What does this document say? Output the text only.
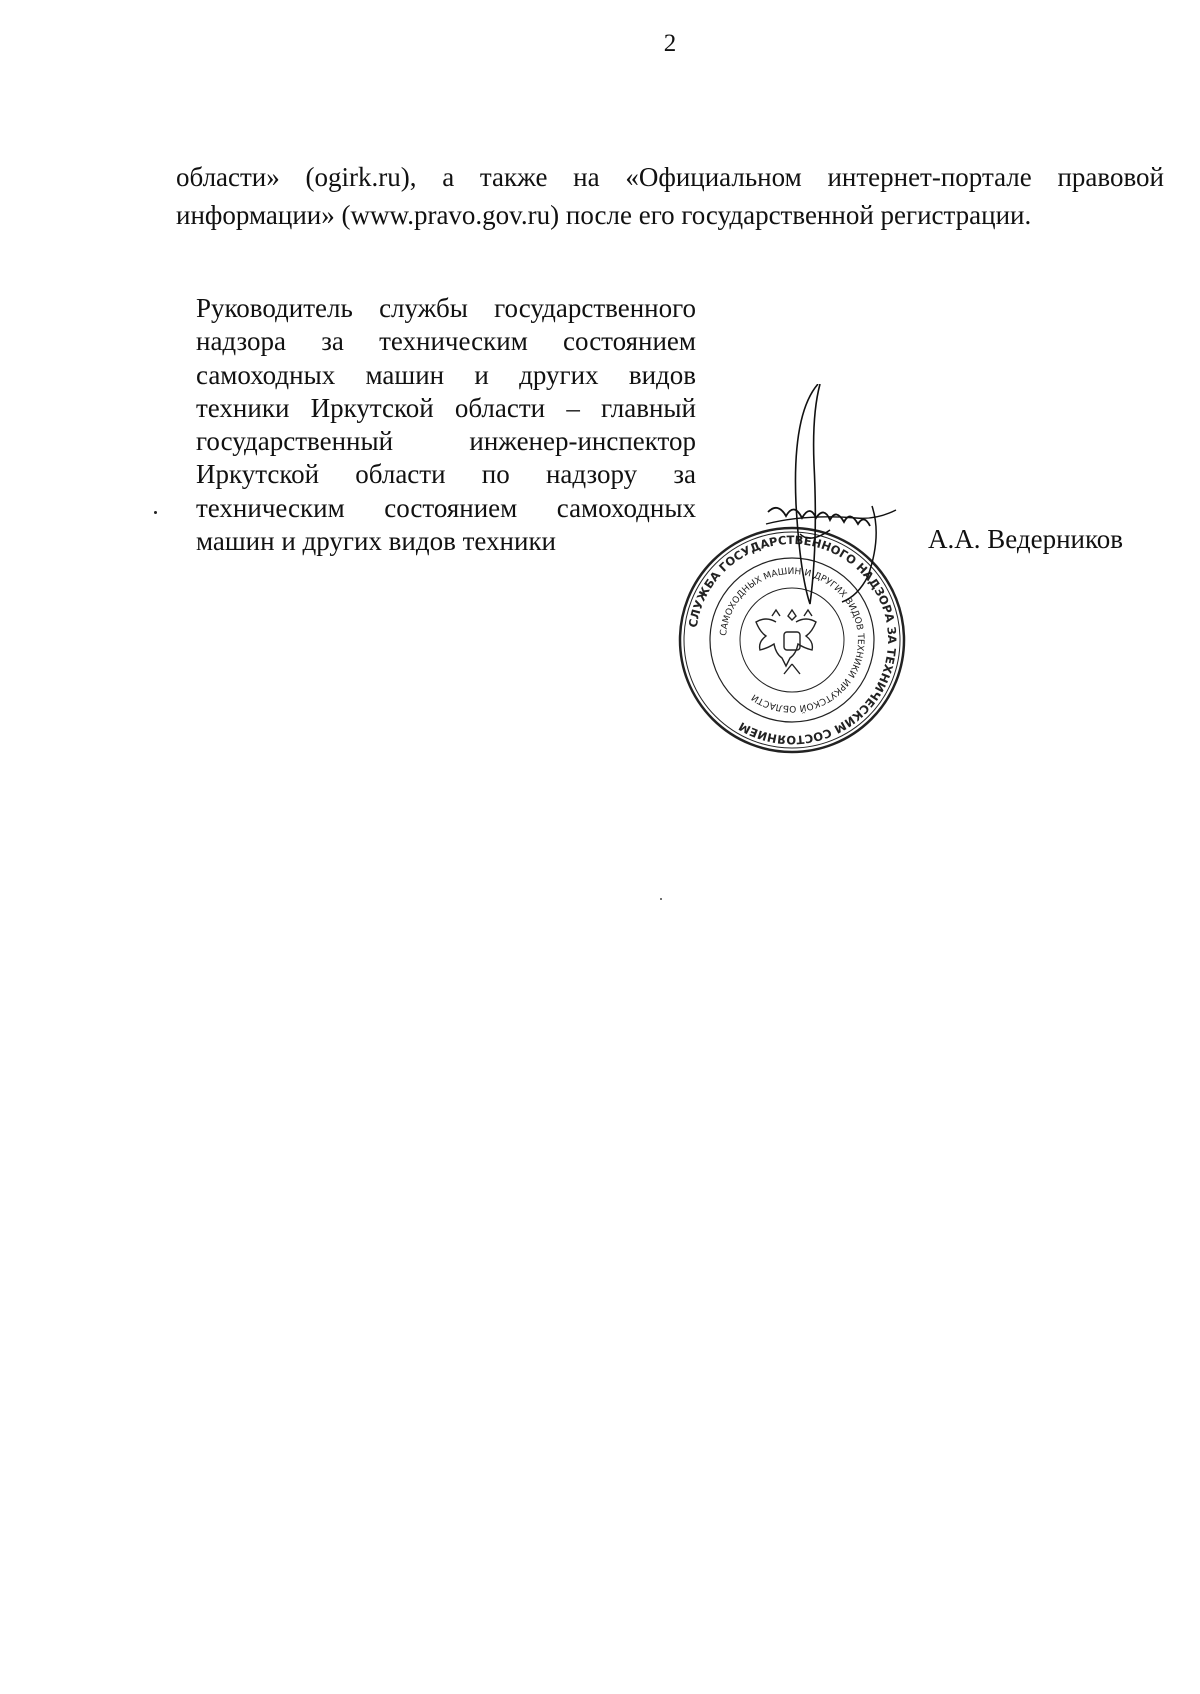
2
области» (ogirk.ru), а также на «Официальном интернет-портале правовой
информации» (www.pravo.gov.ru) после его государственной регистрации.
Руководитель службы государственного
надзора за техническим состоянием
самоходных машин и других видов
техники Иркутской области – главный
государственный инженер-инспектор
Иркутской области по надзору за
техническим состоянием самоходных
машин и других видов техники
СЛУЖБА ГОСУДАРСТВЕННОГО НАДЗОРА ЗА ТЕХНИЧЕСКИМ СОСТОЯНИЕМ
САМОХОДНЫХ МАШИН И ДРУГИХ ВИДОВ ТЕХНИКИ ИРКУТСКОЙ ОБЛАСТИ
А.А. Ведерников
